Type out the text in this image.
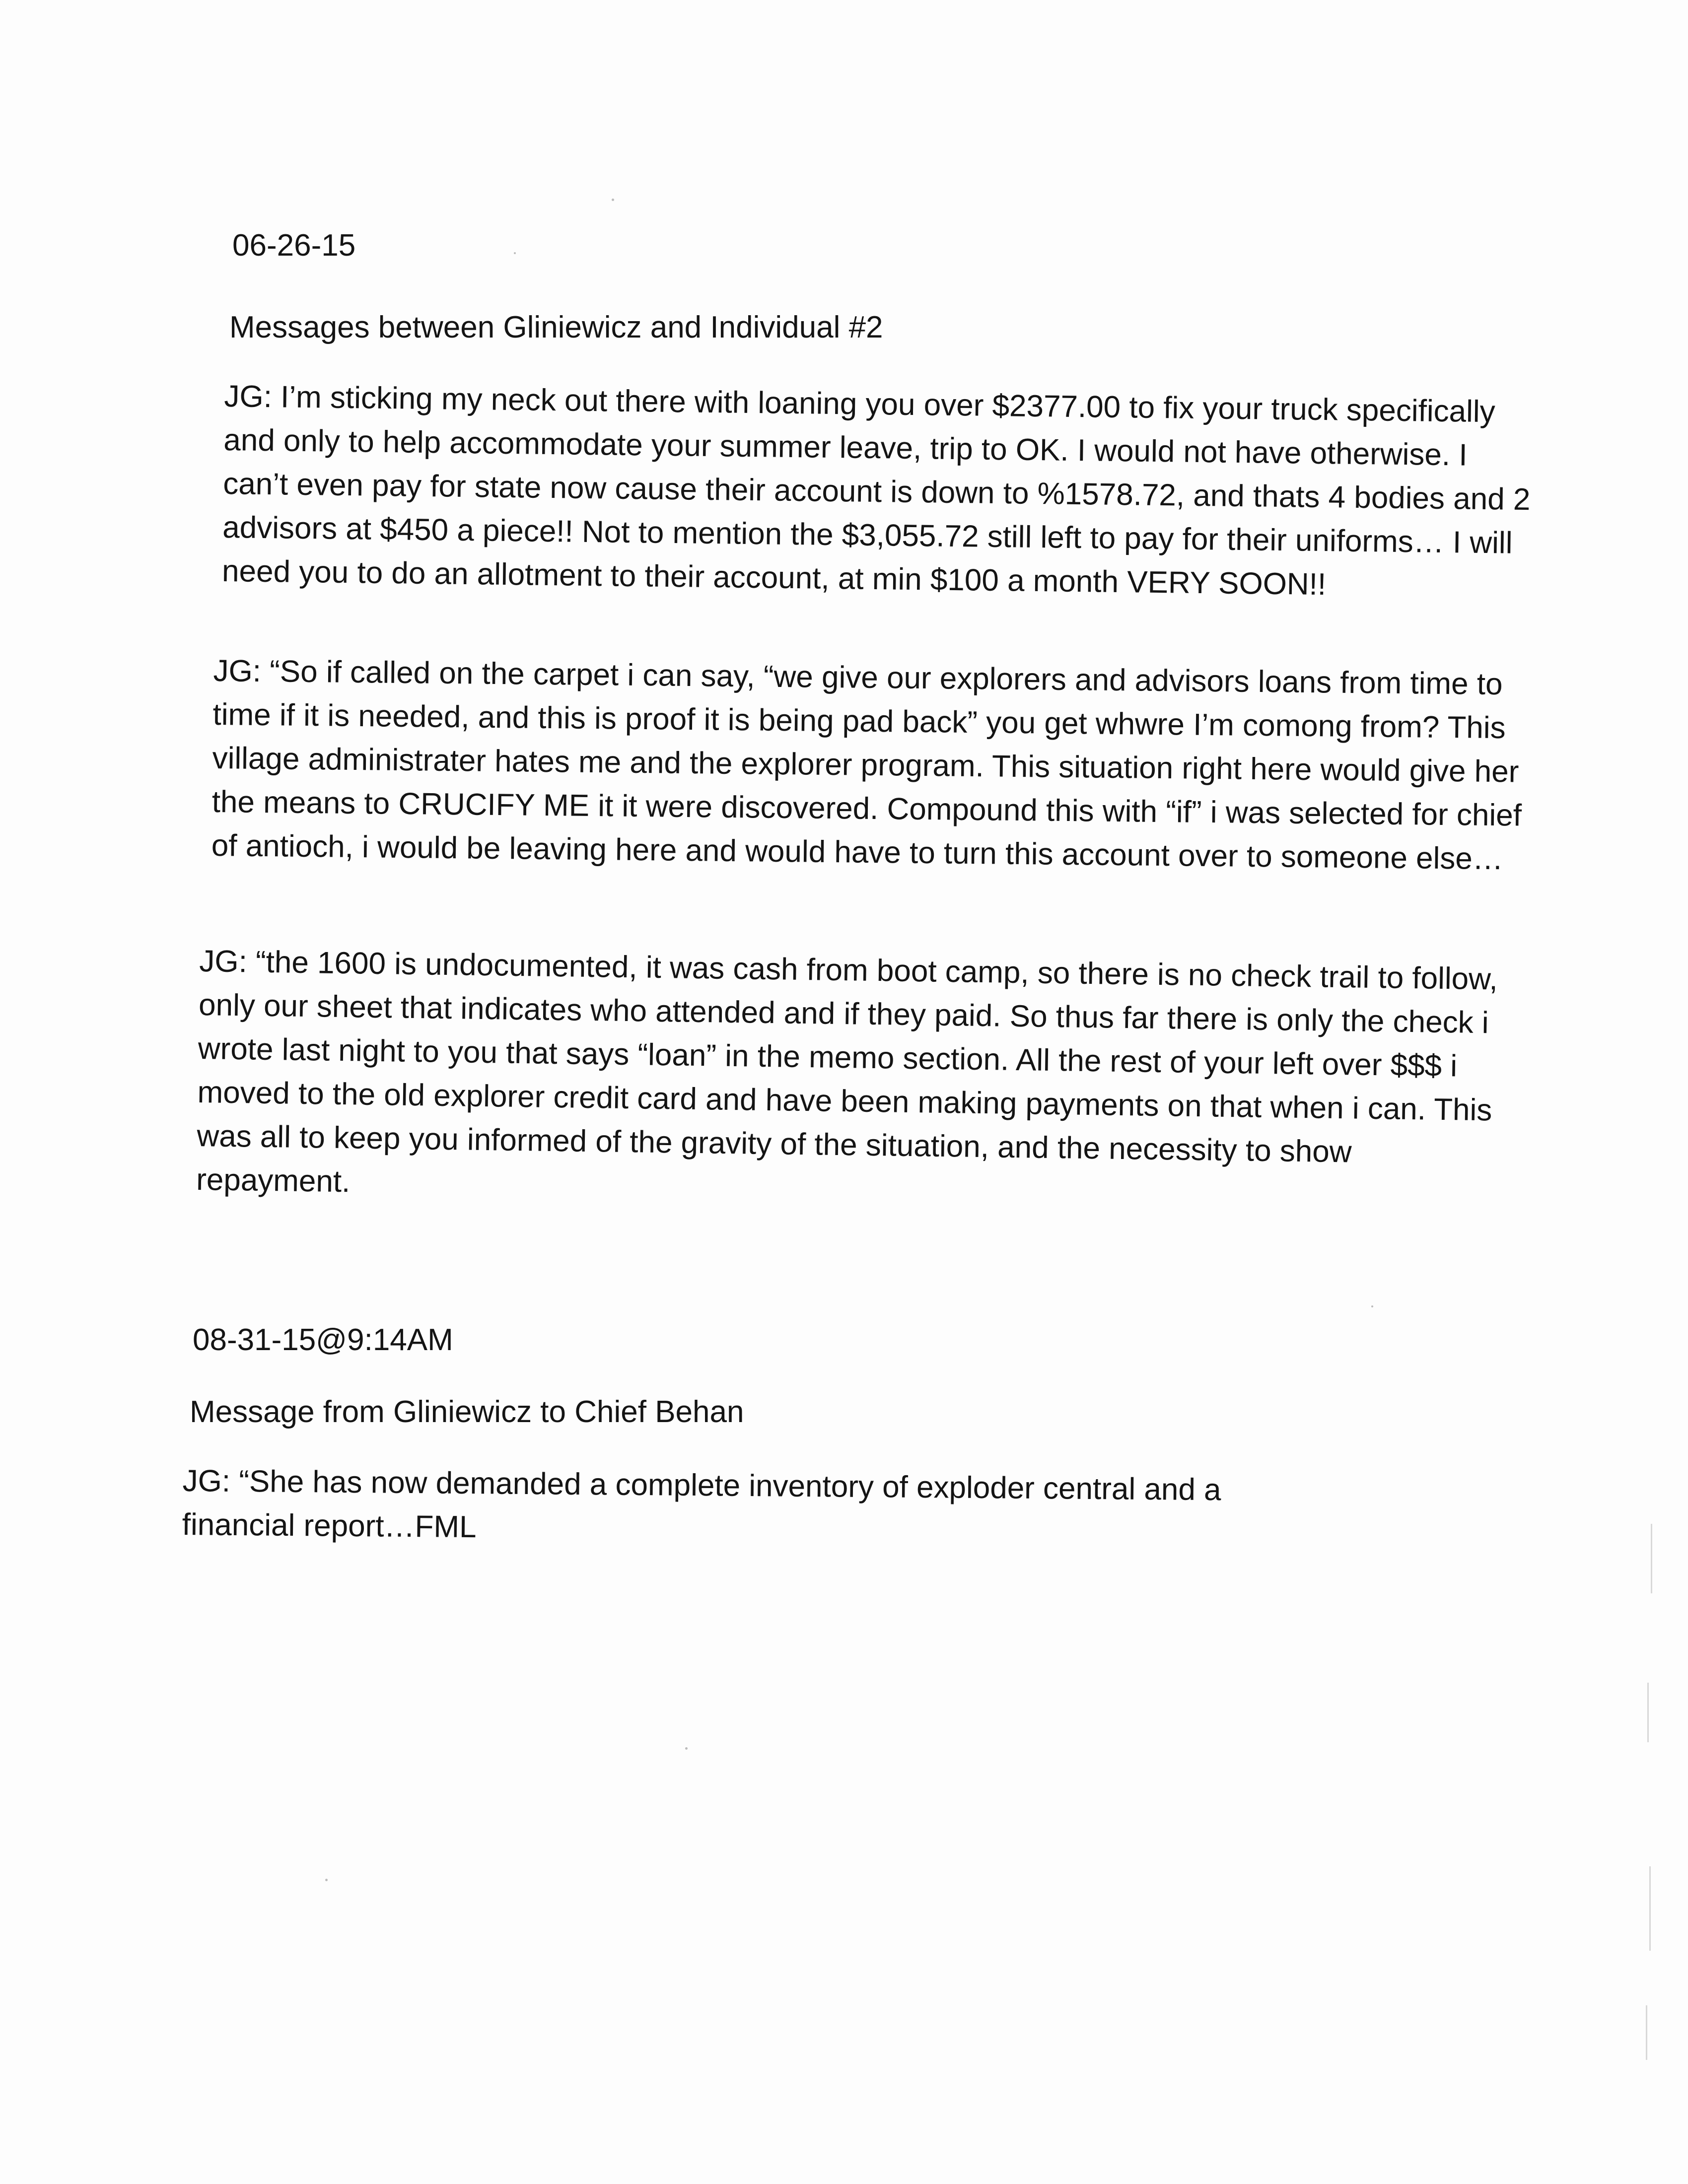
06-26-15
Messages between Gliniewicz and Individual #2
JG: I’m sticking my neck out there with loaning you over $2377.00 to fix your truck specifically and only to help accommodate your summer leave, trip to OK. I would not have otherwise. I can’t even pay for state now cause their account is down to %1578.72, and thats 4 bodies and 2 advisors at $450 a piece!! Not to mention the $3,055.72 still left to pay for their uniforms… I will need you to do an allotment to their account, at min $100 a month VERY SOON!!
JG: “So if called on the carpet i can say, “we give our explorers and advisors loans from time to time if it is needed, and this is proof it is being pad back” you get whwre I’m comong from? This village administrater hates me and the explorer program. This situation right here would give her the means to CRUCIFY ME it it were discovered. Compound this with “if” i was selected for chief of antioch, i would be leaving here and would have to turn this account over to someone else…
JG: “the 1600 is undocumented, it was cash from boot camp, so there is no check trail to follow, only our sheet that indicates who attended and if they paid. So thus far there is only the check i wrote last night to you that says “loan” in the memo section. All the rest of your left over $$$ i moved to the old explorer credit card and have been making payments on that when i can. This was all to keep you informed of the gravity of the situation, and the necessity to show repayment.
08-31-15@9:14AM
Message from Gliniewicz to Chief Behan
JG: “She has now demanded a complete inventory of exploder central and a financial report…FML
